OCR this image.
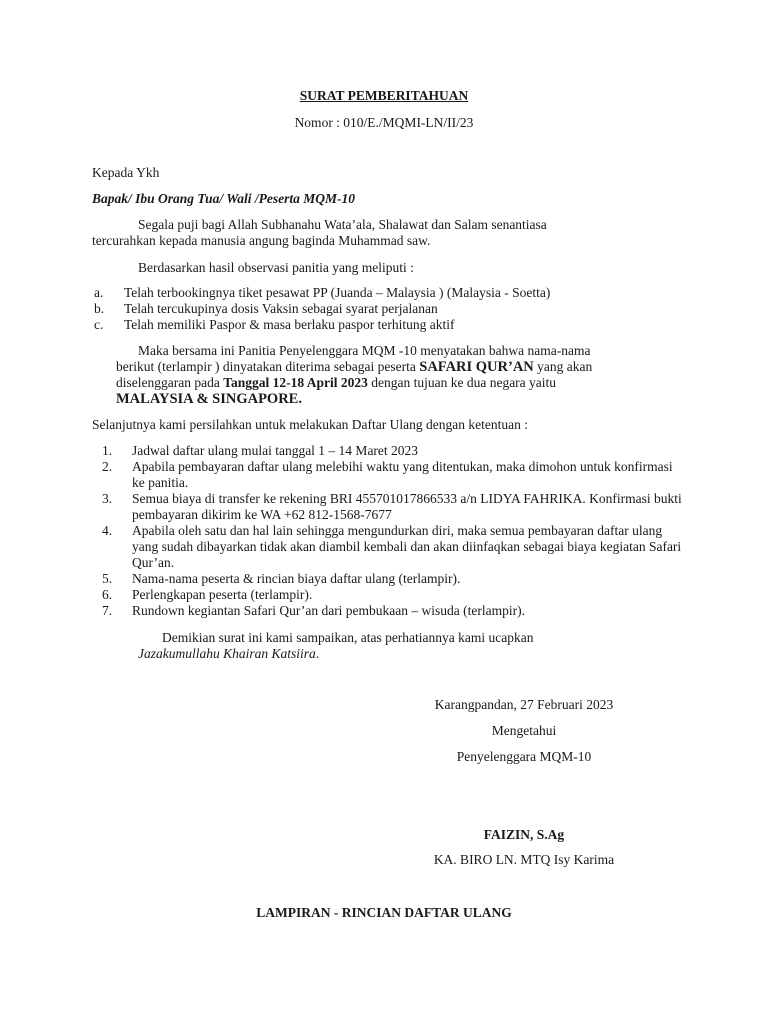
SURAT PEMBERITAHUAN
Nomor : 010/E./MQMI-LN/II/23
Kepada Ykh
Bapak/ Ibu Orang Tua/ Wali /Peserta MQM-10
Segala puji bagi Allah Subhanahu Wata’ala, Shalawat dan Salam senantiasa
tercurahkan kepada manusia angung baginda Muhammad saw.
Berdasarkan hasil observasi panitia yang meliputi :
a.	Telah terbookingnya tiket pesawat PP (Juanda – Malaysia ) (Malaysia - Soetta)
b.	Telah tercukupinya dosis Vaksin sebagai syarat perjalanan
c.	Telah memiliki Paspor & masa berlaku paspor terhitung aktif
Maka bersama ini Panitia Penyelenggara MQM -10 menyatakan bahwa nama-nama
berikut (terlampir ) dinyatakan diterima sebagai peserta SAFARI QUR’AN yang akan
diselenggaran pada Tanggal 12-18 April 2023 dengan tujuan ke dua negara yaitu
MALAYSIA & SINGAPORE.
Selanjutnya kami persilahkan untuk melakukan Daftar Ulang dengan ketentuan :
1.	Jadwal daftar ulang mulai tanggal 1 – 14 Maret 2023
2.	Apabila pembayaran daftar ulang melebihi waktu yang ditentukan, maka dimohon untuk konfirmasi ke panitia.
3.	Semua biaya di transfer ke rekening BRI 455701017866533 a/n LIDYA FAHRIKA. Konfirmasi bukti pembayaran dikirim ke WA +62 812-1568-7677
4.	Apabila oleh satu dan hal lain sehingga mengundurkan diri, maka semua pembayaran daftar ulang yang sudah dibayarkan tidak akan diambil kembali dan akan diinfaqkan sebagai biaya kegiatan Safari Qur’an.
5.	Nama-nama peserta & rincian biaya daftar ulang (terlampir).
6.	Perlengkapan peserta (terlampir).
7.	Rundown kegiantan Safari Qur’an dari pembukaan – wisuda (terlampir).
Demikian surat ini kami sampaikan, atas perhatiannya kami ucapkan
Jazakumullahu Khairan Katsiira.
Karangpandan, 27 Februari 2023
Mengetahui
Penyelenggara MQM-10
FAIZIN, S.Ag
KA. BIRO LN. MTQ Isy Karima
LAMPIRAN - RINCIAN DAFTAR ULANG
